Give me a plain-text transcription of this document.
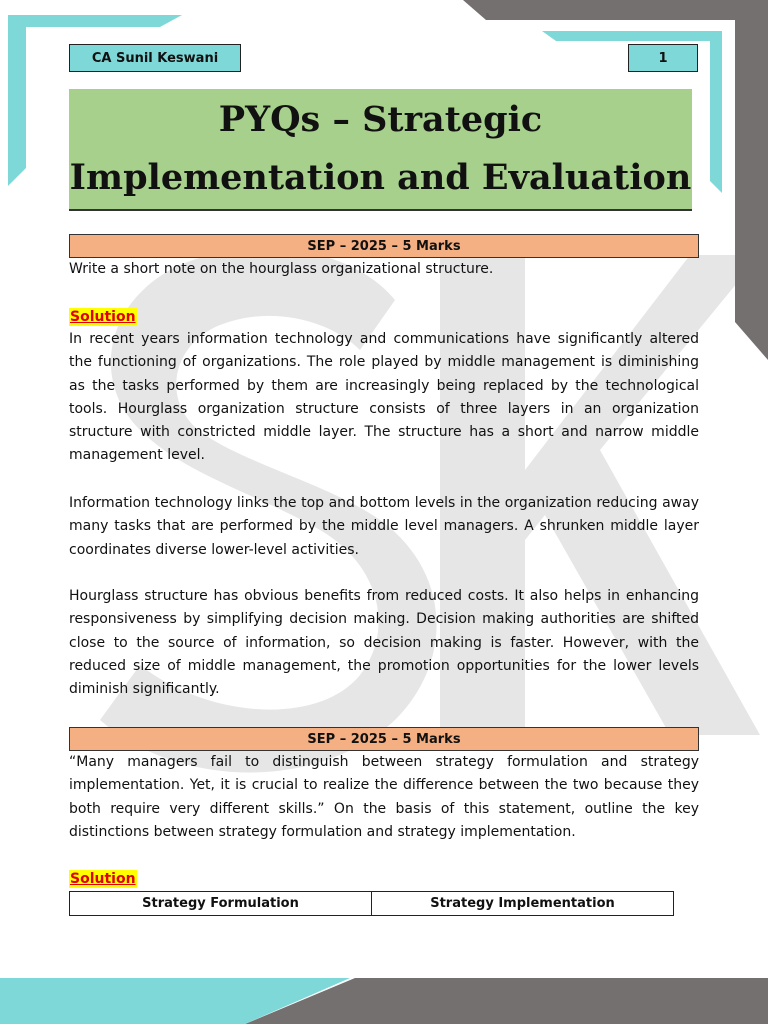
CA Sunil Keswani	1
PYQs – Strategic Implementation and Evaluation
SEP – 2025 – 5 Marks

Write a short note on the hourglass organizational structure.

Solution

In recent years information technology and communications have significantly altered the functioning of organizations. The role played by middle management is diminishing as the tasks performed by them are increasingly being replaced by the technological tools. Hourglass organization structure consists of three layers in an organization structure with constricted middle layer. The structure has a short and narrow middle management level.

Information technology links the top and bottom levels in the organization reducing away many tasks that are performed by the middle level managers. A shrunken middle layer coordinates diverse lower-level activities.

Hourglass structure has obvious benefits from reduced costs. It also helps in enhancing responsiveness by simplifying decision making. Decision making authorities are shifted close to the source of information, so decision making is faster. However, with the reduced size of middle management, the promotion opportunities for the lower levels diminish significantly.

SEP – 2025 – 5 Marks

“Many managers fail to distinguish between strategy formulation and strategy implementation. Yet, it is crucial to realize the difference between the two because they both require very different skills.” On the basis of this statement, outline the key distinctions between strategy formulation and strategy implementation.

Solution

Strategy Formulation	Strategy Implementation
